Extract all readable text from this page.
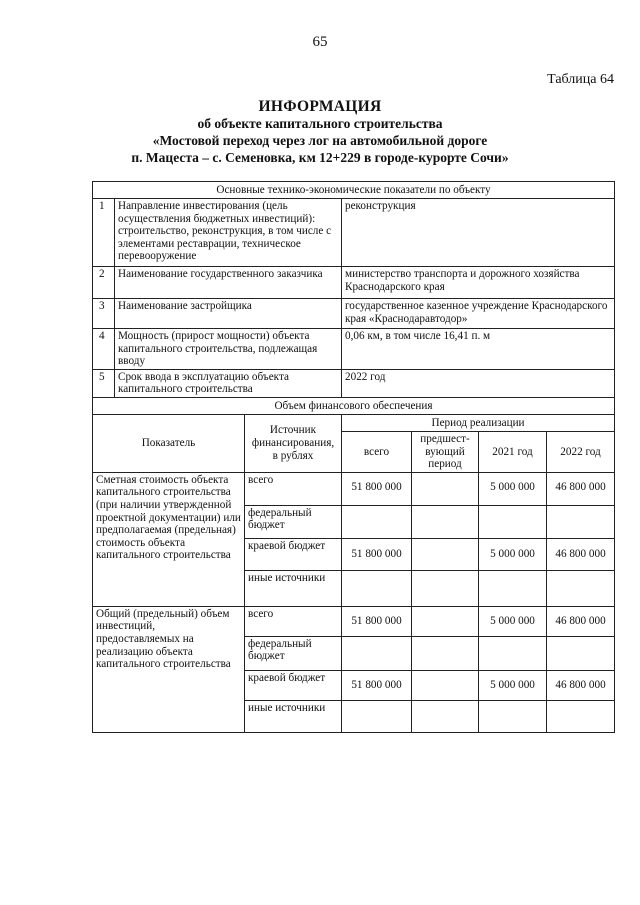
65
Таблица 64
ИНФОРМАЦИЯ
об объекте капитального строительства
«Мостовой переход через лог на автомобильной дороге
п. Мацеста – с. Семеновка, км 12+229 в городе-курорте Сочи»
Основные технико-экономические показатели по объекту						
1	Направление инвестирования (цель осуществления бюджетных инвестиций): строительство, реконструкция, в том числе с элементами реставрации, техническое перевооружение		реконструкция			
2	Наименование государственного заказчика		министерство транспорта и дорожного хозяйства Краснодарского края			
3	Наименование застройщика		государственное казенное учреждение Краснодарского края «Краснодаравтодор»			
4	Мощность (прирост мощности) объекта капитального строительства, подлежащая вводу		0,06 км, в том числе 16,41 п. м			
5	Срок ввода в эксплуатацию объекта капитального строительства		2022 год			
Объем финансового обеспечения						
Показатель		Источник финансирования, в рублях	Период реализации			
			всего	предшест-вующий период	2021 год	2022 год
Сметная стоимость объекта капитального строительства (при наличии утвержденной проектной документации) или предполагаемая (предельная) стоимость объекта капитального строительства		всего	51 800 000		5 000 000	46 800 000
		федеральный бюджет				
		краевой бюджет	51 800 000		5 000 000	46 800 000
		иные источники				
Общий (предельный) объем инвестиций, предоставляемых на реализацию объекта капитального строительства		всего	51 800 000		5 000 000	46 800 000
		федеральный бюджет				
		краевой бюджет	51 800 000		5 000 000	46 800 000
		иные источники				
